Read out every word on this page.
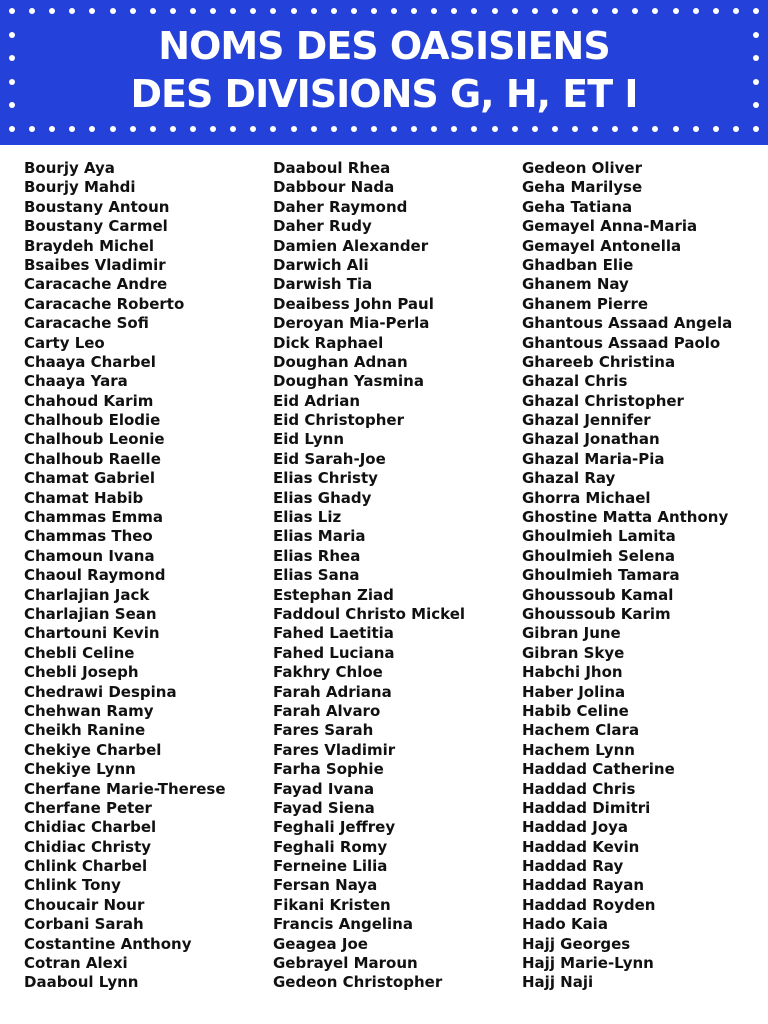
NOMS DES OASISIENS
DES DIVISIONS G, H, ET I
Bourjy Aya
Bourjy Mahdi
Boustany Antoun
Boustany Carmel
Braydeh Michel
Bsaibes Vladimir
Caracache Andre
Caracache Roberto
Caracache Sofi
Carty Leo
Chaaya Charbel
Chaaya Yara
Chahoud Karim
Chalhoub Elodie
Chalhoub Leonie
Chalhoub Raelle
Chamat Gabriel
Chamat Habib
Chammas Emma
Chammas Theo
Chamoun Ivana
Chaoul Raymond
Charlajian Jack
Charlajian Sean
Chartouni Kevin
Chebli Celine
Chebli Joseph
Chedrawi Despina
Chehwan Ramy
Cheikh Ranine
Chekiye Charbel
Chekiye Lynn
Cherfane Marie-Therese
Cherfane Peter
Chidiac Charbel
Chidiac Christy
Chlink Charbel
Chlink Tony
Choucair Nour
Corbani Sarah
Costantine Anthony
Cotran Alexi
Daaboul Lynn
Daaboul Rhea
Dabbour Nada
Daher Raymond
Daher Rudy
Damien Alexander
Darwich Ali
Darwish Tia
Deaibess John Paul
Deroyan Mia-Perla
Dick Raphael
Doughan Adnan
Doughan Yasmina
Eid Adrian
Eid Christopher
Eid Lynn
Eid Sarah-Joe
Elias Christy
Elias Ghady
Elias Liz
Elias Maria
Elias Rhea
Elias Sana
Estephan Ziad
Faddoul Christo Mickel
Fahed Laetitia
Fahed Luciana
Fakhry Chloe
Farah Adriana
Farah Alvaro
Fares Sarah
Fares Vladimir
Farha Sophie
Fayad Ivana
Fayad Siena
Feghali Jeffrey
Feghali Romy
Ferneine Lilia
Fersan Naya
Fikani Kristen
Francis Angelina
Geagea Joe
Gebrayel Maroun
Gedeon Christopher
Gedeon Oliver
Geha Marilyse
Geha Tatiana
Gemayel Anna-Maria
Gemayel Antonella
Ghadban Elie
Ghanem Nay
Ghanem Pierre
Ghantous Assaad Angela
Ghantous Assaad Paolo
Ghareeb Christina
Ghazal Chris
Ghazal Christopher
Ghazal Jennifer
Ghazal Jonathan
Ghazal Maria-Pia
Ghazal Ray
Ghorra Michael
Ghostine Matta Anthony
Ghoulmieh Lamita
Ghoulmieh Selena
Ghoulmieh Tamara
Ghoussoub Kamal
Ghoussoub Karim
Gibran June
Gibran Skye
Habchi Jhon
Haber Jolina
Habib Celine
Hachem Clara
Hachem Lynn
Haddad Catherine
Haddad Chris
Haddad Dimitri
Haddad Joya
Haddad Kevin
Haddad Ray
Haddad Rayan
Haddad Royden
Hado Kaia
Hajj Georges
Hajj Marie-Lynn
Hajj Naji
